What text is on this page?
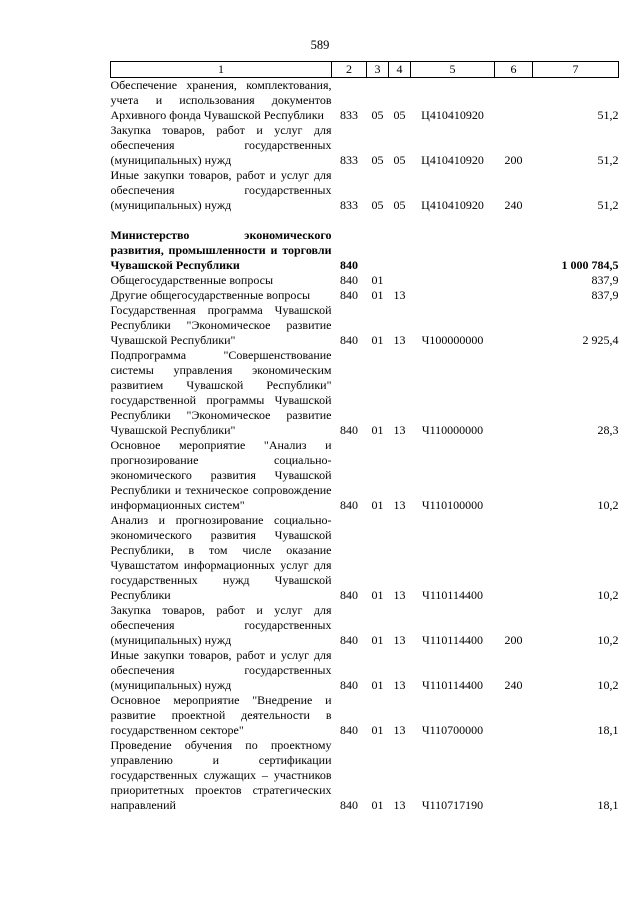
589
1	2	3	4	5	6	7
Обеспечение хранения, комплектования, учета и использования документов Архивного фонда Чувашской Республики	833	05	05	Ц410410920		51,2
Закупка товаров, работ и услуг для обеспечения государственных (муниципальных) нужд	833	05	05	Ц410410920	200	51,2
Иные закупки товаров, работ и услуг для обеспечения государственных (муниципальных) нужд	833	05	05	Ц410410920	240	51,2

Министерство экономического развития, промышленности и торговли Чувашской Республики	840					1 000 784,5
Общегосударственные вопросы	840	01				837,9
Другие общегосударственные вопросы	840	01	13			837,9
Государственная программа Чувашской Республики "Экономическое развитие Чувашской Республики"	840	01	13	Ч100000000		2 925,4
Подпрограмма "Совершенствование системы управления экономическим развитием Чувашской Республики" государственной программы Чувашской Республики "Экономическое развитие Чувашской Республики"	840	01	13	Ч110000000		28,3
Основное мероприятие "Анализ и прогнозирование социально-экономического развития Чувашской Республики и техническое сопровождение информационных систем"	840	01	13	Ч110100000		10,2
Анализ и прогнозирование социально-экономического развития Чувашской Республики, в том числе оказание Чувашстатом информационных услуг для государственных нужд Чувашской Республики	840	01	13	Ч110114400		10,2
Закупка товаров, работ и услуг для обеспечения государственных (муниципальных) нужд	840	01	13	Ч110114400	200	10,2
Иные закупки товаров, работ и услуг для обеспечения государственных (муниципальных) нужд	840	01	13	Ч110114400	240	10,2
Основное мероприятие "Внедрение и развитие проектной деятельности в государственном секторе"	840	01	13	Ч110700000		18,1
Проведение обучения по проектному управлению и сертификации государственных служащих – участников приоритетных проектов стратегических направлений	840	01	13	Ч110717190		18,1
